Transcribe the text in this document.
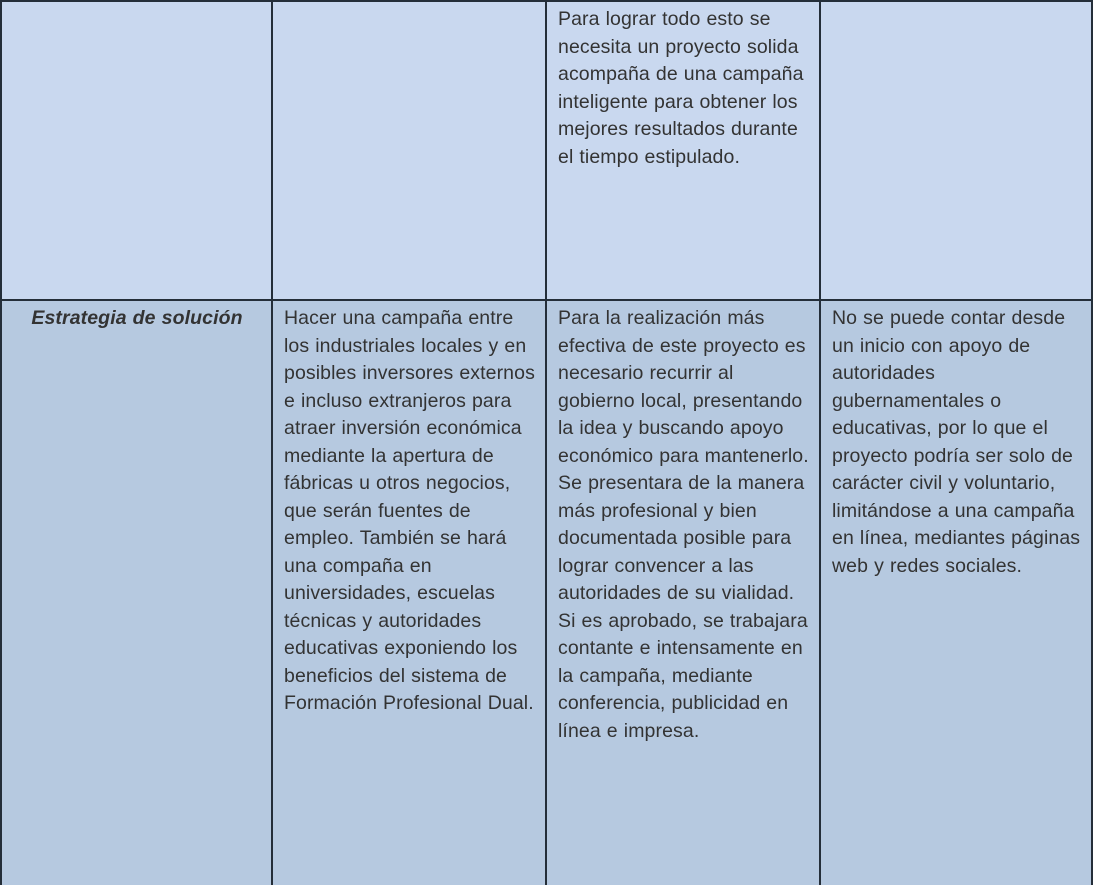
		Para lograr todo esto se necesita un proyecto solida acompaña de una campaña inteligente para obtener los mejores resultados durante el tiempo estipulado.	
Estrategia de solución	Hacer una campaña entre los industriales locales y en posibles inversores externos e incluso extranjeros para atraer inversión económica mediante la apertura de fábricas u otros negocios, que serán fuentes de empleo. También se hará una compaña en universidades, escuelas técnicas y autoridades educativas exponiendo los beneficios del sistema de Formación Profesional Dual.	Para la realización más efectiva de este proyecto es necesario recurrir al gobierno local, presentando la idea y buscando apoyo económico para mantenerlo. Se presentara de la manera más profesional y bien documentada posible para lograr convencer a las autoridades de su vialidad. Si es aprobado, se trabajara contante e intensamente en la campaña, mediante conferencia, publicidad en línea e impresa.	No se puede contar desde un inicio con apoyo de autoridades gubernamentales o educativas, por lo que el proyecto podría ser solo de carácter civil y voluntario, limitándose a una campaña en línea, mediantes páginas web y redes sociales.
